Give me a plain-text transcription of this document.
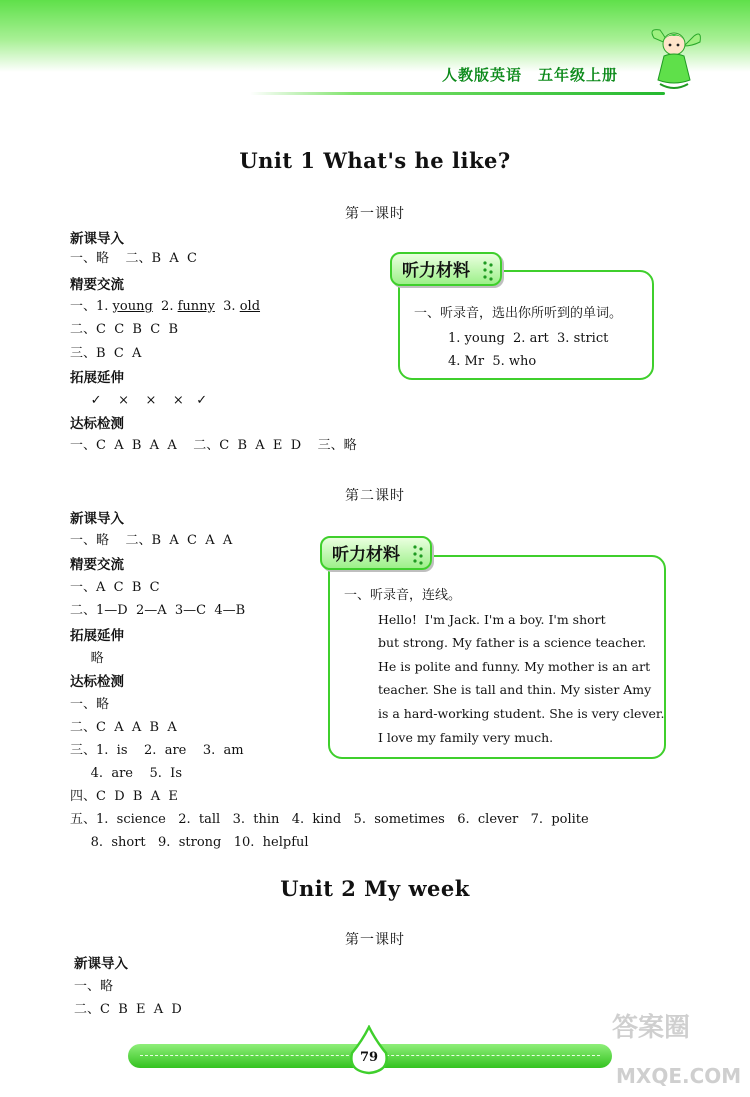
人教版英语 五年级上册
Unit 1 What's he like?
第一课时
新课导入
一、略    二、B  A  C
精要交流
一、1. young  2. funny  3. old
二、C  C  B  C  B
三、B  C  A
拓展延伸
✓    ×    ×    ×   ✓
达标检测
一、C  A  B  A  A    二、C  B  A  E  D    三、略
听力材料
一、听录音，选出你所听到的单词。
1. young  2. art  3. strict
4. Mr  5. who
第二课时
新课导入
一、略    二、B  A  C  A  A
精要交流
一、A  C  B  C
二、1—D  2—A  3—C  4—B
拓展延伸
略
达标检测
一、略
二、C  A  A  B  A
三、1.  is    2.  are    3.  am
4.  are    5.  Is
四、C  D  B  A  E
五、1.  science   2.  tall   3.  thin   4.  kind   5.  sometimes   6.  clever   7.  polite
8.  short   9.  strong   10.  helpful
听力材料
一、听录音，连线。
Hello!  I'm Jack. I'm a boy. I'm short
but strong. My father is a science teacher.
He is polite and funny. My mother is an art
teacher. She is tall and thin. My sister Amy
is a hard-working student. She is very clever.
I love my family very much.
Unit 2 My week
第一课时
新课导入
一、略
二、C  B  E  A  D
79
答案圈
MXQE.COM
